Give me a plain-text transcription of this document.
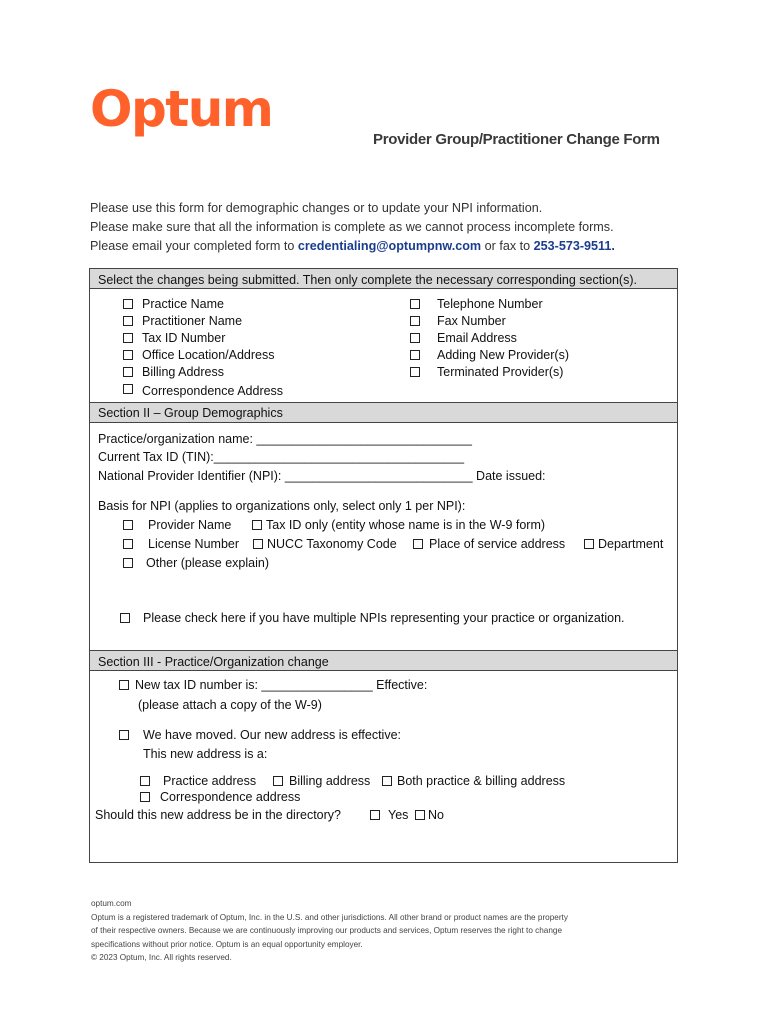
Optum
Provider Group/Practitioner Change Form
Please use this form for demographic changes or to update your NPI information.
Please make sure that all the information is complete as we cannot process incomplete forms.
Please email your completed form to credentialing@optumpnw.com or fax to 253-573-9511.
Select the changes being submitted. Then only complete the necessary corresponding section(s).
Practice Name
Practitioner Name
Tax ID Number
Office Location/Address
Billing Address
Correspondence Address
Telephone Number
Fax Number
Email Address
Adding New Provider(s)
Terminated Provider(s)
Section II – Group Demographics
Practice/organization name: _______________________________
Current Tax ID (TIN):____________________________________
National Provider Identifier (NPI): ___________________________ Date issued:
Basis for NPI (applies to organizations only, select only 1 per NPI):
Provider Name	Tax ID only (entity whose name is in the W-9 form)
License Number NUCC Taxonomy Code	Place of service address	Department
Other (please explain)
Please check here if you have multiple NPIs representing your practice or organization.
Section III - Practice/Organization change
New tax ID number is: ________________ Effective:
(please attach a copy of the W-9)
We have moved. Our new address is effective:
This new address is a:
Practice address	Billing address Both practice & billing address
Correspondence address
Should this new address be in the directory?	Yes No
optum.com
Optum is a registered trademark of Optum, Inc. in the U.S. and other jurisdictions. All other brand or product names are the property
of their respective owners. Because we are continuously improving our products and services, Optum reserves the right to change
specifications without prior notice. Optum is an equal opportunity employer.
© 2023 Optum, Inc. All rights reserved.
